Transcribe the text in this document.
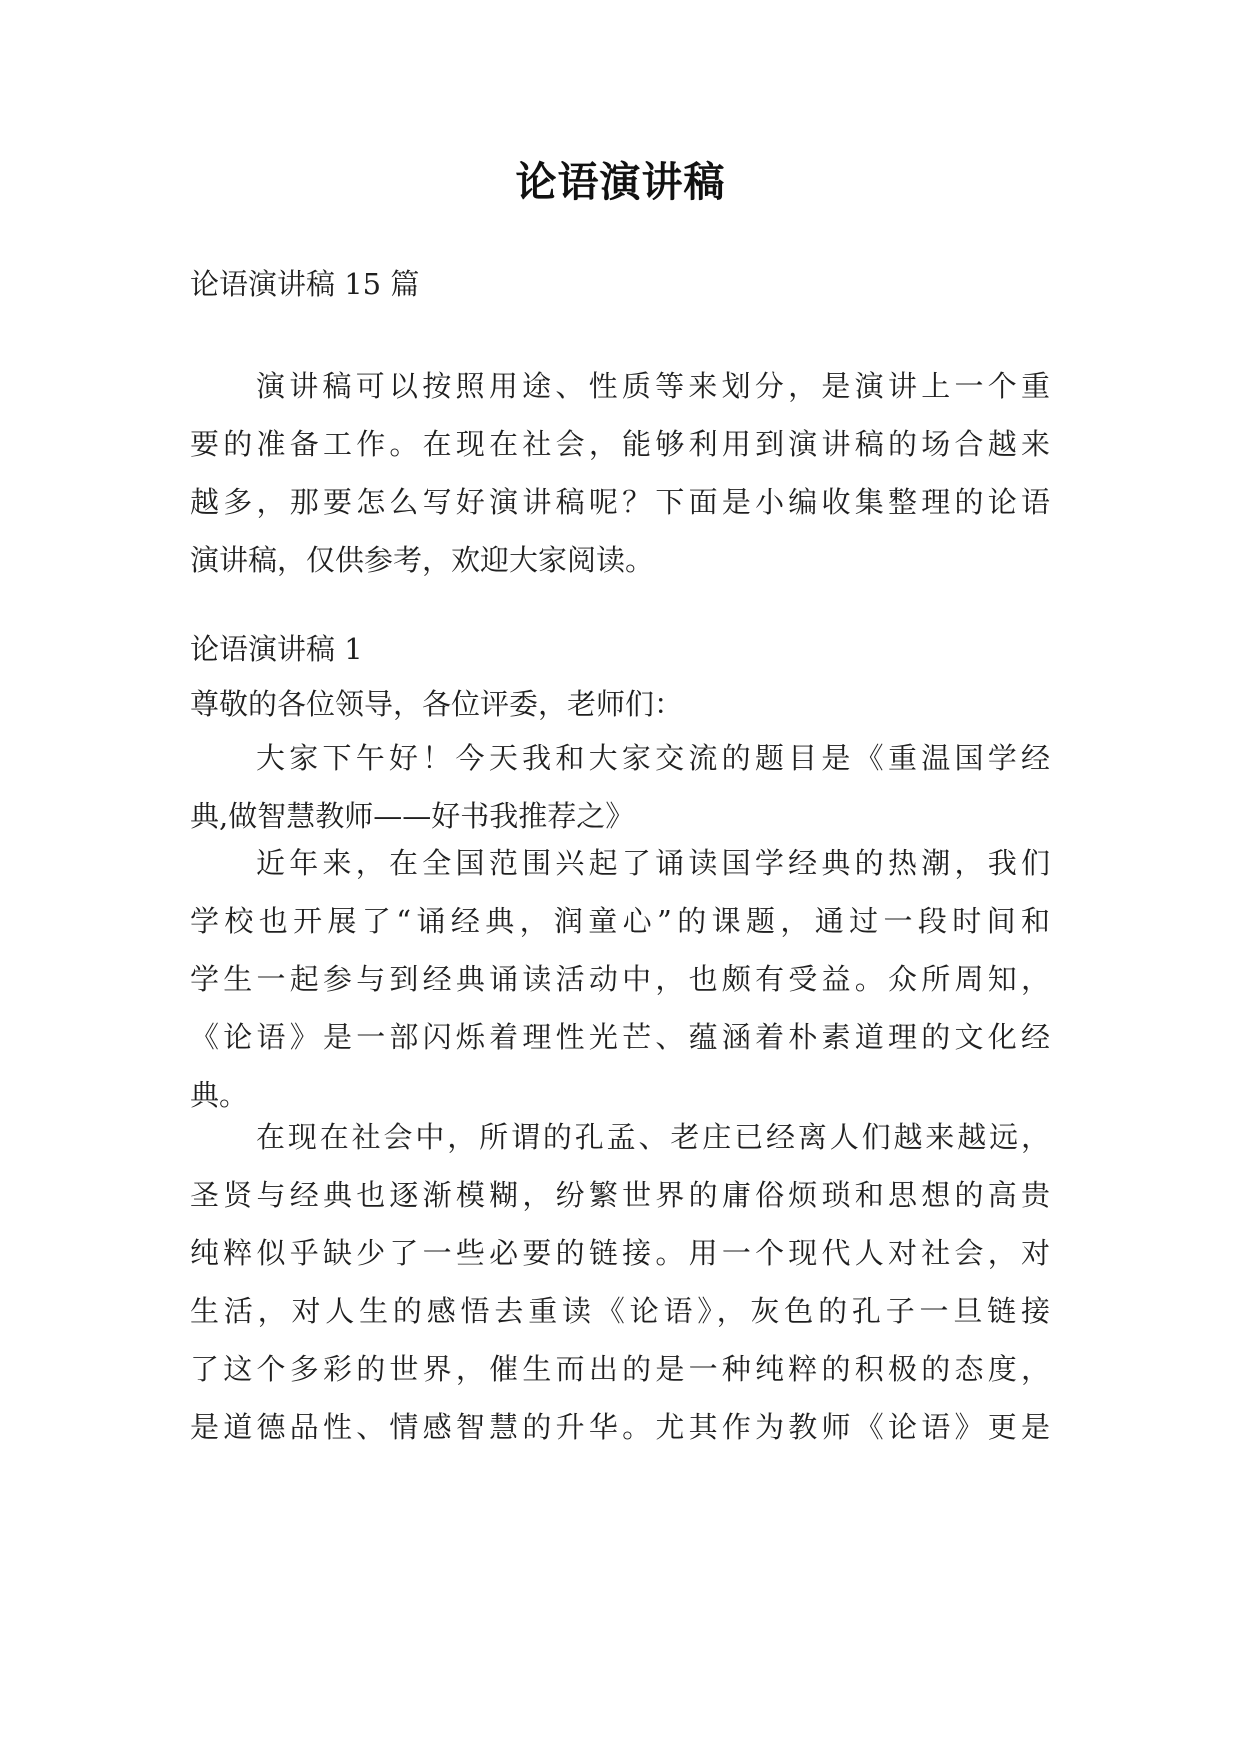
论语演讲稿
论语演讲稿 15 篇
演讲稿可以按照用途、性质等来划分，是演讲上一个重
要的准备工作。在现在社会，能够利用到演讲稿的场合越来
越多，那要怎么写好演讲稿呢？下面是小编收集整理的论语
演讲稿，仅供参考，欢迎大家阅读。
论语演讲稿 1
尊敬的各位领导，各位评委，老师们：
大家下午好！今天我和大家交流的题目是《重温国学经
典,做智慧教师——好书我推荐之》
近年来，在全国范围兴起了诵读国学经典的热潮，我们
学校也开展了“诵经典，润童心”的课题，通过一段时间和
学生一起参与到经典诵读活动中，也颇有受益。众所周知，
《论语》是一部闪烁着理性光芒、蕴涵着朴素道理的文化经
典。
在现在社会中，所谓的孔孟、老庄已经离人们越来越远，
圣贤与经典也逐渐模糊，纷繁世界的庸俗烦琐和思想的高贵
纯粹似乎缺少了一些必要的链接。用一个现代人对社会，对
生活，对人生的感悟去重读《论语》，灰色的孔子一旦链接
了这个多彩的世界，催生而出的是一种纯粹的积极的态度，
是道德品性、情感智慧的升华。尤其作为教师《论语》更是
